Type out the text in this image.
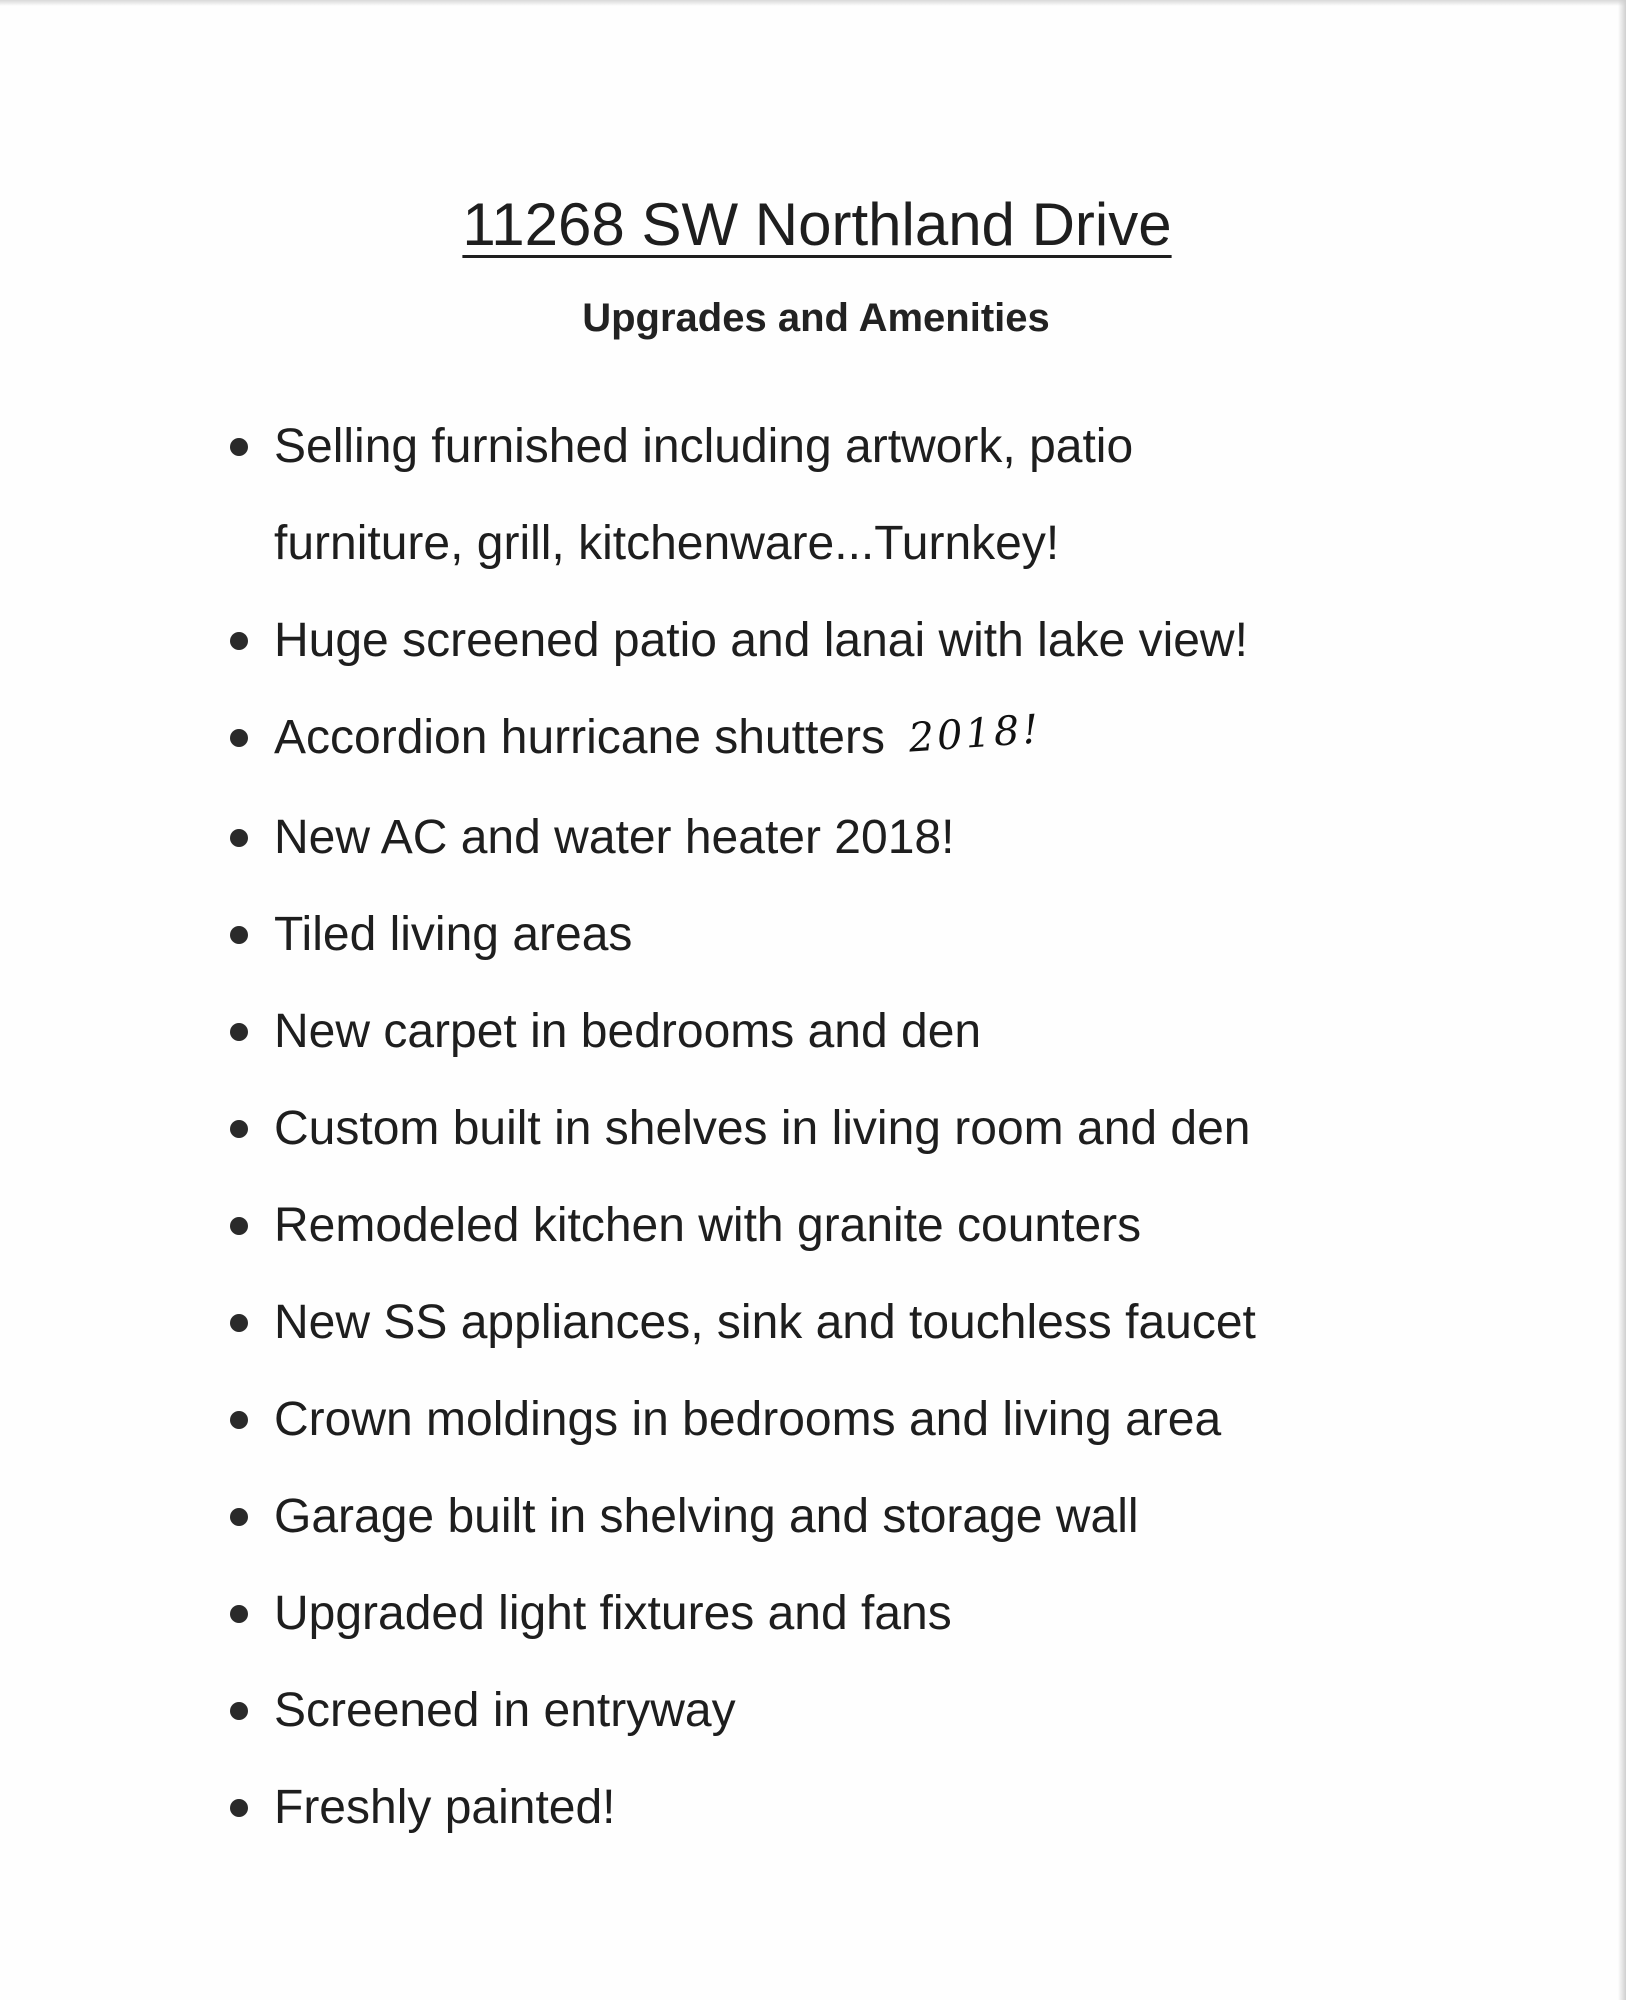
11268 SW Northland Drive
Upgrades and Amenities
Selling furnished including artwork, patio
furniture, grill, kitchenware...Turnkey!
Huge screened patio and lanai with lake view!
Accordion hurricane shutters 2018!
New AC and water heater 2018!
Tiled living areas
New carpet in bedrooms and den
Custom built in shelves in living room and den
Remodeled kitchen with granite counters
New SS appliances, sink and touchless faucet
Crown moldings in bedrooms and living area
Garage built in shelving and storage wall
Upgraded light fixtures and fans
Screened in entryway
Freshly painted!
